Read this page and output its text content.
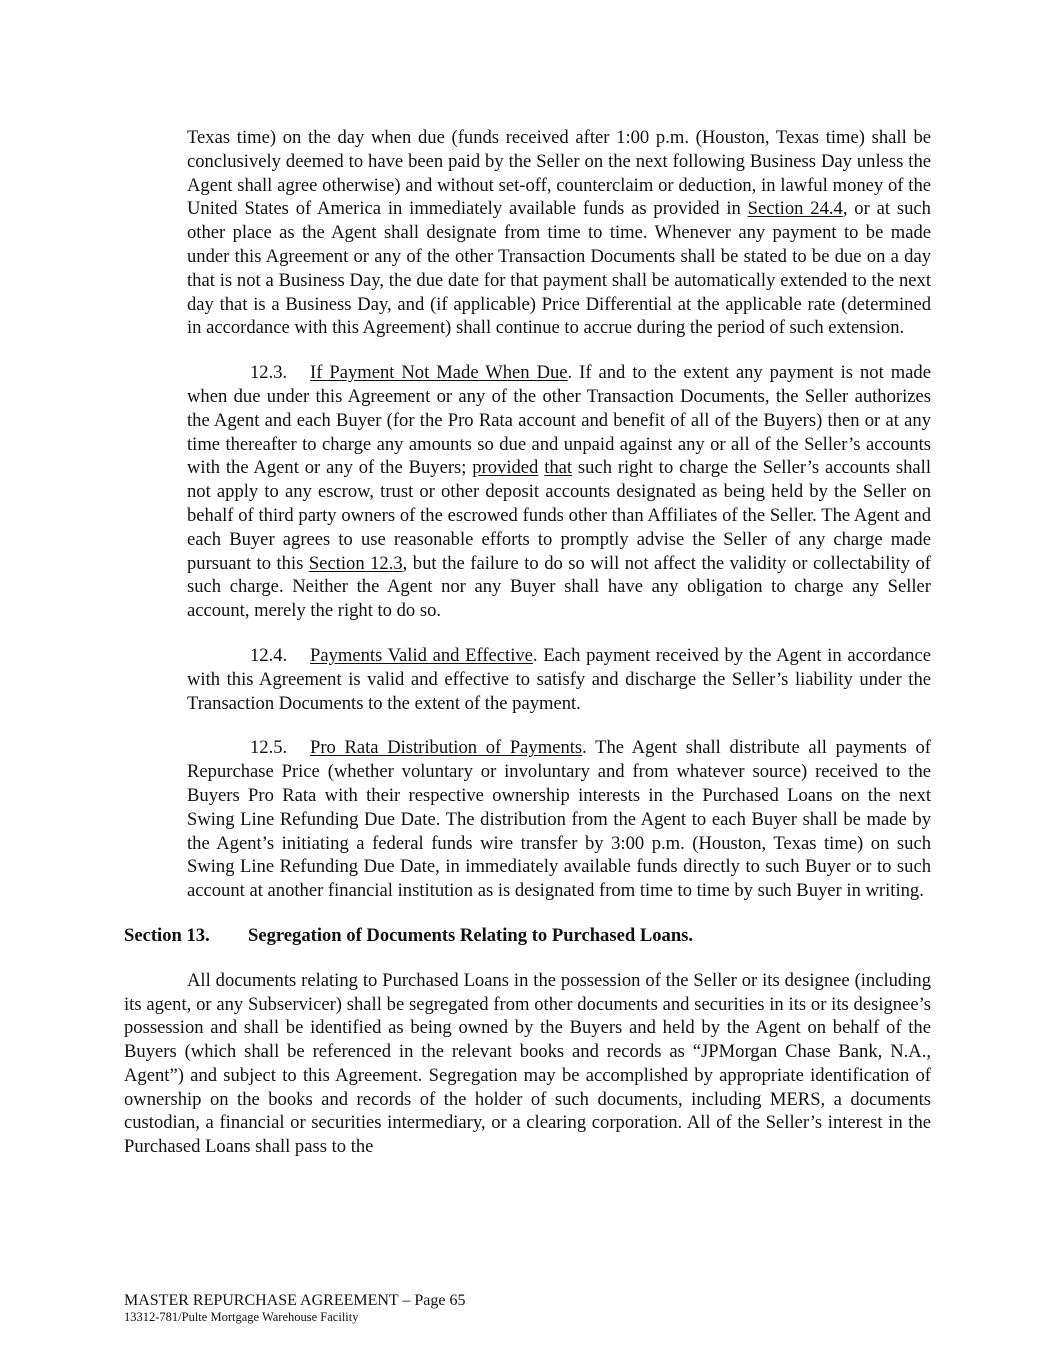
Texas time) on the day when due (funds received after 1:00 p.m. (Houston, Texas time) shall be conclusively deemed to have been paid by the Seller on the next following Business Day unless the Agent shall agree otherwise) and without set-off, counterclaim or deduction, in lawful money of the United States of America in immediately available funds as provided in Section 24.4, or at such other place as the Agent shall designate from time to time. Whenever any payment to be made under this Agreement or any of the other Transaction Documents shall be stated to be due on a day that is not a Business Day, the due date for that payment shall be automatically extended to the next day that is a Business Day, and (if applicable) Price Differential at the applicable rate (determined in accordance with this Agreement) shall continue to accrue during the period of such extension.

12.3. If Payment Not Made When Due. If and to the extent any payment is not made when due under this Agreement or any of the other Transaction Documents, the Seller authorizes the Agent and each Buyer (for the Pro Rata account and benefit of all of the Buyers) then or at any time thereafter to charge any amounts so due and unpaid against any or all of the Seller’s accounts with the Agent or any of the Buyers; provided that such right to charge the Seller’s accounts shall not apply to any escrow, trust or other deposit accounts designated as being held by the Seller on behalf of third party owners of the escrowed funds other than Affiliates of the Seller. The Agent and each Buyer agrees to use reasonable efforts to promptly advise the Seller of any charge made pursuant to this Section 12.3, but the failure to do so will not affect the validity or collectability of such charge. Neither the Agent nor any Buyer shall have any obligation to charge any Seller account, merely the right to do so.

12.4. Payments Valid and Effective. Each payment received by the Agent in accordance with this Agreement is valid and effective to satisfy and discharge the Seller’s liability under the Transaction Documents to the extent of the payment.

12.5. Pro Rata Distribution of Payments. The Agent shall distribute all payments of Repurchase Price (whether voluntary or involuntary and from whatever source) received to the Buyers Pro Rata with their respective ownership interests in the Purchased Loans on the next Swing Line Refunding Due Date. The distribution from the Agent to each Buyer shall be made by the Agent’s initiating a federal funds wire transfer by 3:00 p.m. (Houston, Texas time) on such Swing Line Refunding Due Date, in immediately available funds directly to such Buyer or to such account at another financial institution as is designated from time to time by such Buyer in writing.

Section 13. Segregation of Documents Relating to Purchased Loans.

All documents relating to Purchased Loans in the possession of the Seller or its designee (including its agent, or any Subservicer) shall be segregated from other documents and securities in its or its designee’s possession and shall be identified as being owned by the Buyers and held by the Agent on behalf of the Buyers (which shall be referenced in the relevant books and records as “JPMorgan Chase Bank, N.A., Agent”) and subject to this Agreement. Segregation may be accomplished by appropriate identification of ownership on the books and records of the holder of such documents, including MERS, a documents custodian, a financial or securities intermediary, or a clearing corporation. All of the Seller’s interest in the Purchased Loans shall pass to the

MASTER REPURCHASE AGREEMENT – Page 65
13312-781/Pulte Mortgage Warehouse Facility
